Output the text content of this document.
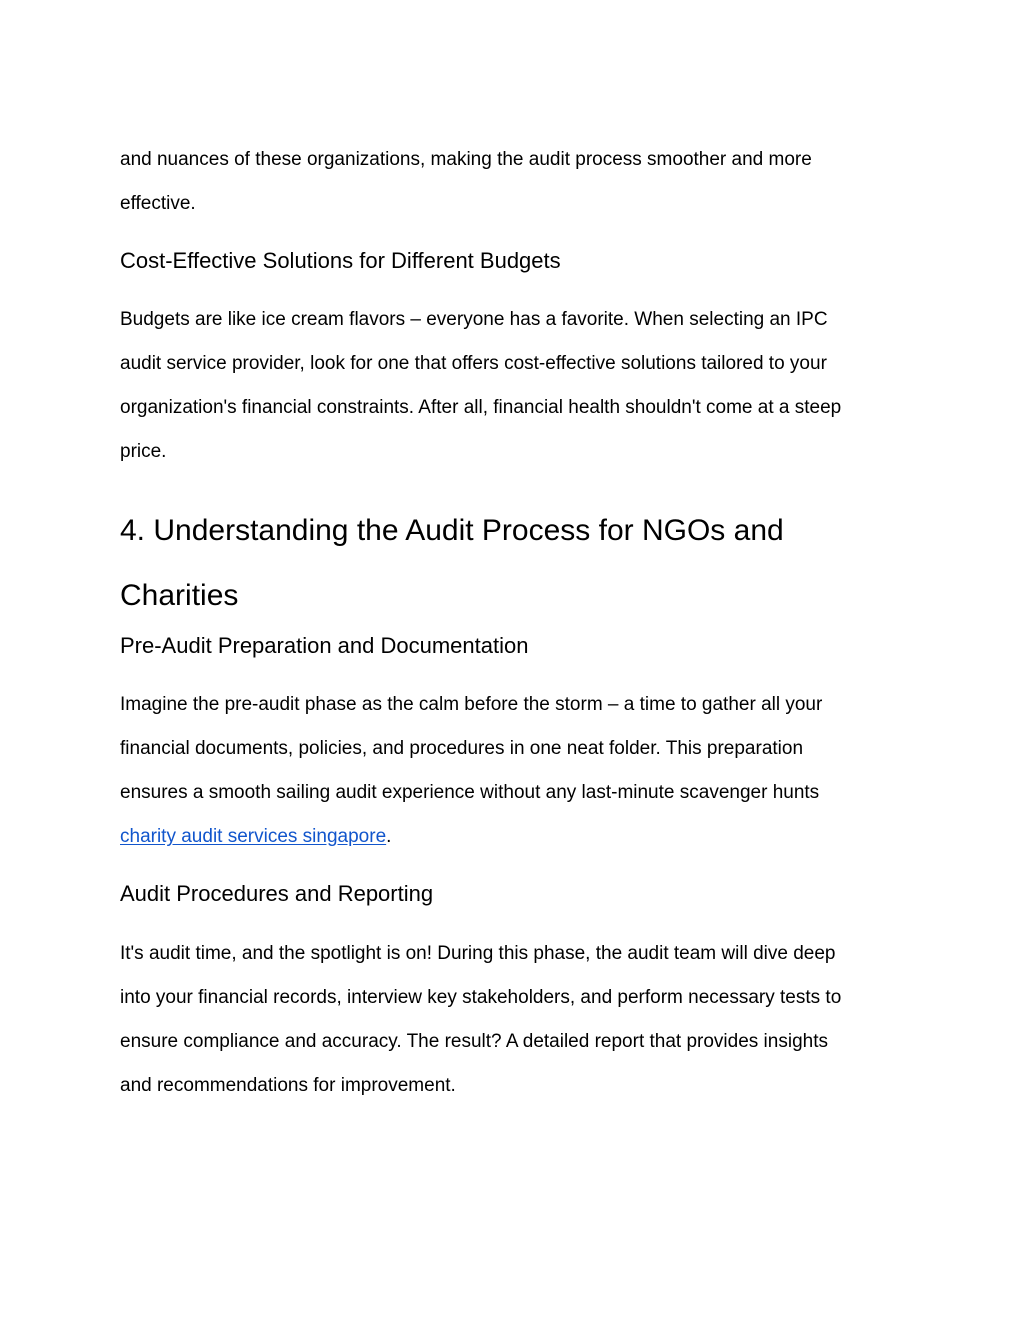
and nuances of these organizations, making the audit process smoother and more
effective.

Cost-Effective Solutions for Different Budgets

Budgets are like ice cream flavors – everyone has a favorite. When selecting an IPC
audit service provider, look for one that offers cost-effective solutions tailored to your
organization's financial constraints. After all, financial health shouldn't come at a steep
price.

4. Understanding the Audit Process for NGOs and
Charities
Pre-Audit Preparation and Documentation

Imagine the pre-audit phase as the calm before the storm – a time to gather all your
financial documents, policies, and procedures in one neat folder. This preparation
ensures a smooth sailing audit experience without any last-minute scavenger hunts
charity audit services singapore.

Audit Procedures and Reporting

It's audit time, and the spotlight is on! During this phase, the audit team will dive deep
into your financial records, interview key stakeholders, and perform necessary tests to
ensure compliance and accuracy. The result? A detailed report that provides insights
and recommendations for improvement.
